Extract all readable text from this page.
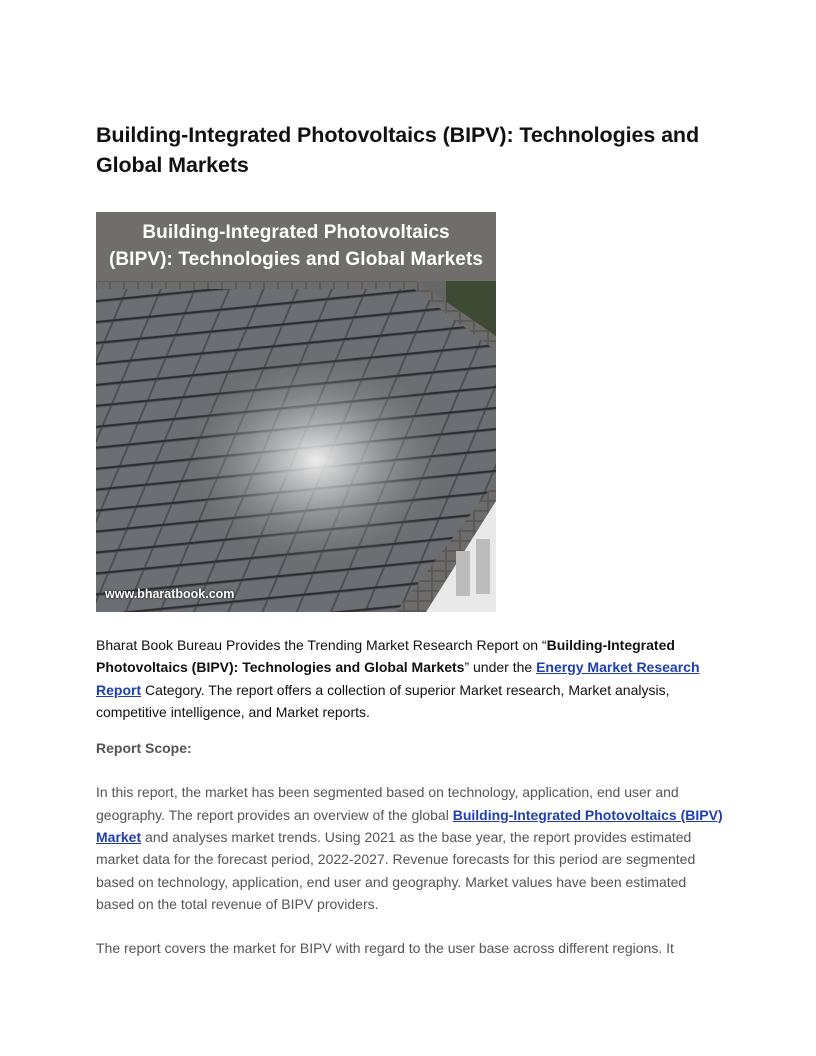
Building-Integrated Photovoltaics (BIPV): Technologies and Global Markets
Building-Integrated Photovoltaics
(BIPV): Technologies and Global Markets
www.bharatbook.com

Bharat Book Bureau Provides the Trending Market Research Report on “Building-Integrated Photovoltaics (BIPV): Technologies and Global Markets” under the Energy Market Research Report Category. The report offers a collection of superior Market research, Market analysis, competitive intelligence, and Market reports.

Report Scope:

In this report, the market has been segmented based on technology, application, end user and geography. The report provides an overview of the global Building-Integrated Photovoltaics (BIPV) Market and analyses market trends. Using 2021 as the base year, the report provides estimated market data for the forecast period, 2022-2027. Revenue forecasts for this period are segmented based on technology, application, end user and geography. Market values have been estimated based on the total revenue of BIPV providers.

The report covers the market for BIPV with regard to the user base across different regions. It
